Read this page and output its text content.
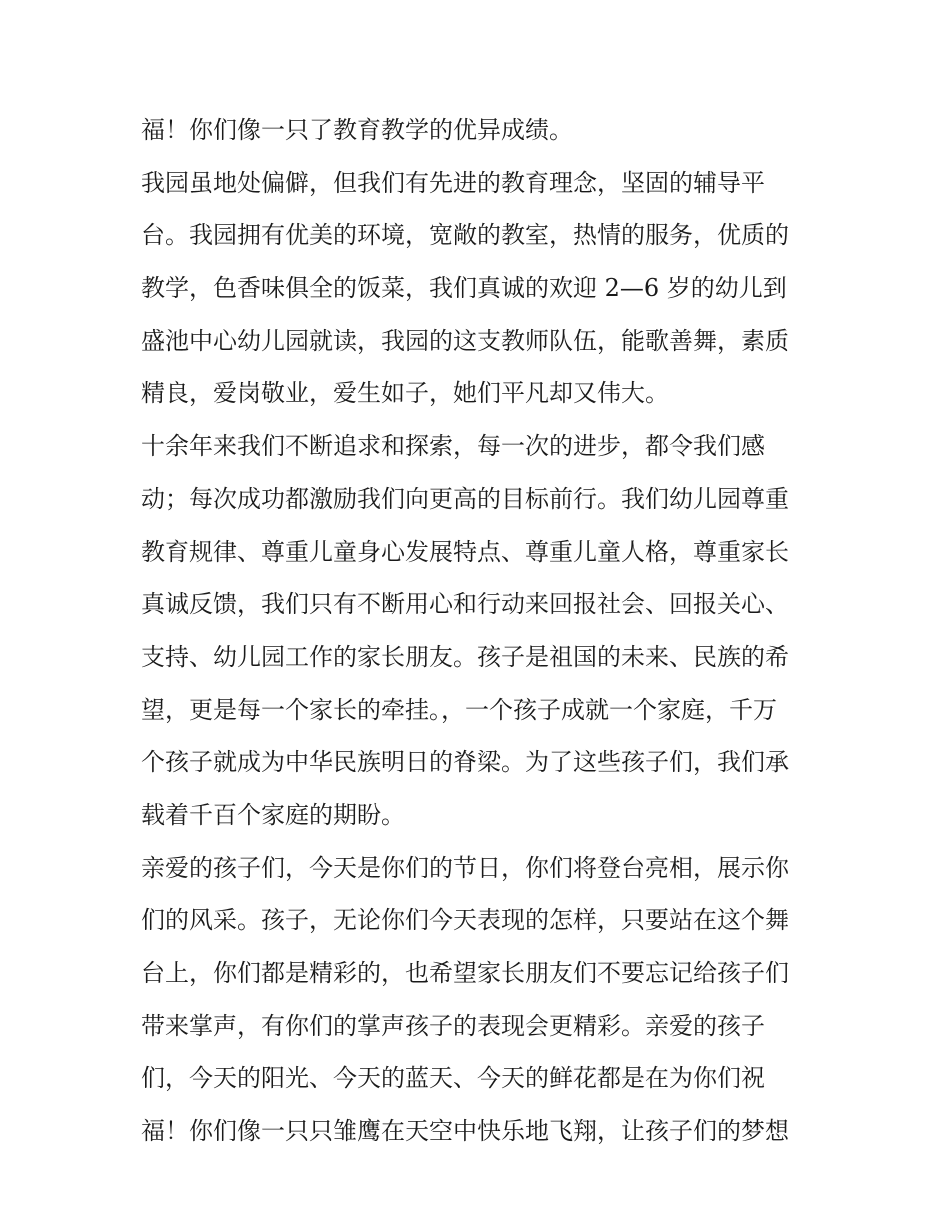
福！你们像一只了教育教学的优异成绩。
我园虽地处偏僻，但我们有先进的教育理念，坚固的辅导平
台。我园拥有优美的环境，宽敞的教室，热情的服务，优质的
教学，色香味俱全的饭菜，我们真诚的欢迎 2—6 岁的幼儿到
盛池中心幼儿园就读，我园的这支教师队伍，能歌善舞，素质
精良，爱岗敬业，爱生如子，她们平凡却又伟大。
十余年来我们不断追求和探索，每一次的进步，都令我们感
动；每次成功都激励我们向更高的目标前行。我们幼儿园尊重
教育规律、尊重儿童身心发展特点、尊重儿童人格，尊重家长
真诚反馈，我们只有不断用心和行动来回报社会、回报关心、
支持、幼儿园工作的家长朋友。孩子是祖国的未来、民族的希
望，更是每一个家长的牵挂。，一个孩子成就一个家庭，千万
个孩子就成为中华民族明日的脊梁。为了这些孩子们，我们承
载着千百个家庭的期盼。
亲爱的孩子们，今天是你们的节日，你们将登台亮相，展示你
们的风采。孩子，无论你们今天表现的怎样，只要站在这个舞
台上，你们都是精彩的，也希望家长朋友们不要忘记给孩子们
带来掌声，有你们的掌声孩子的表现会更精彩。亲爱的孩子
们，今天的阳光、今天的蓝天、今天的鲜花都是在为你们祝
福！你们像一只只雏鹰在天空中快乐地飞翔，让孩子们的梦想
